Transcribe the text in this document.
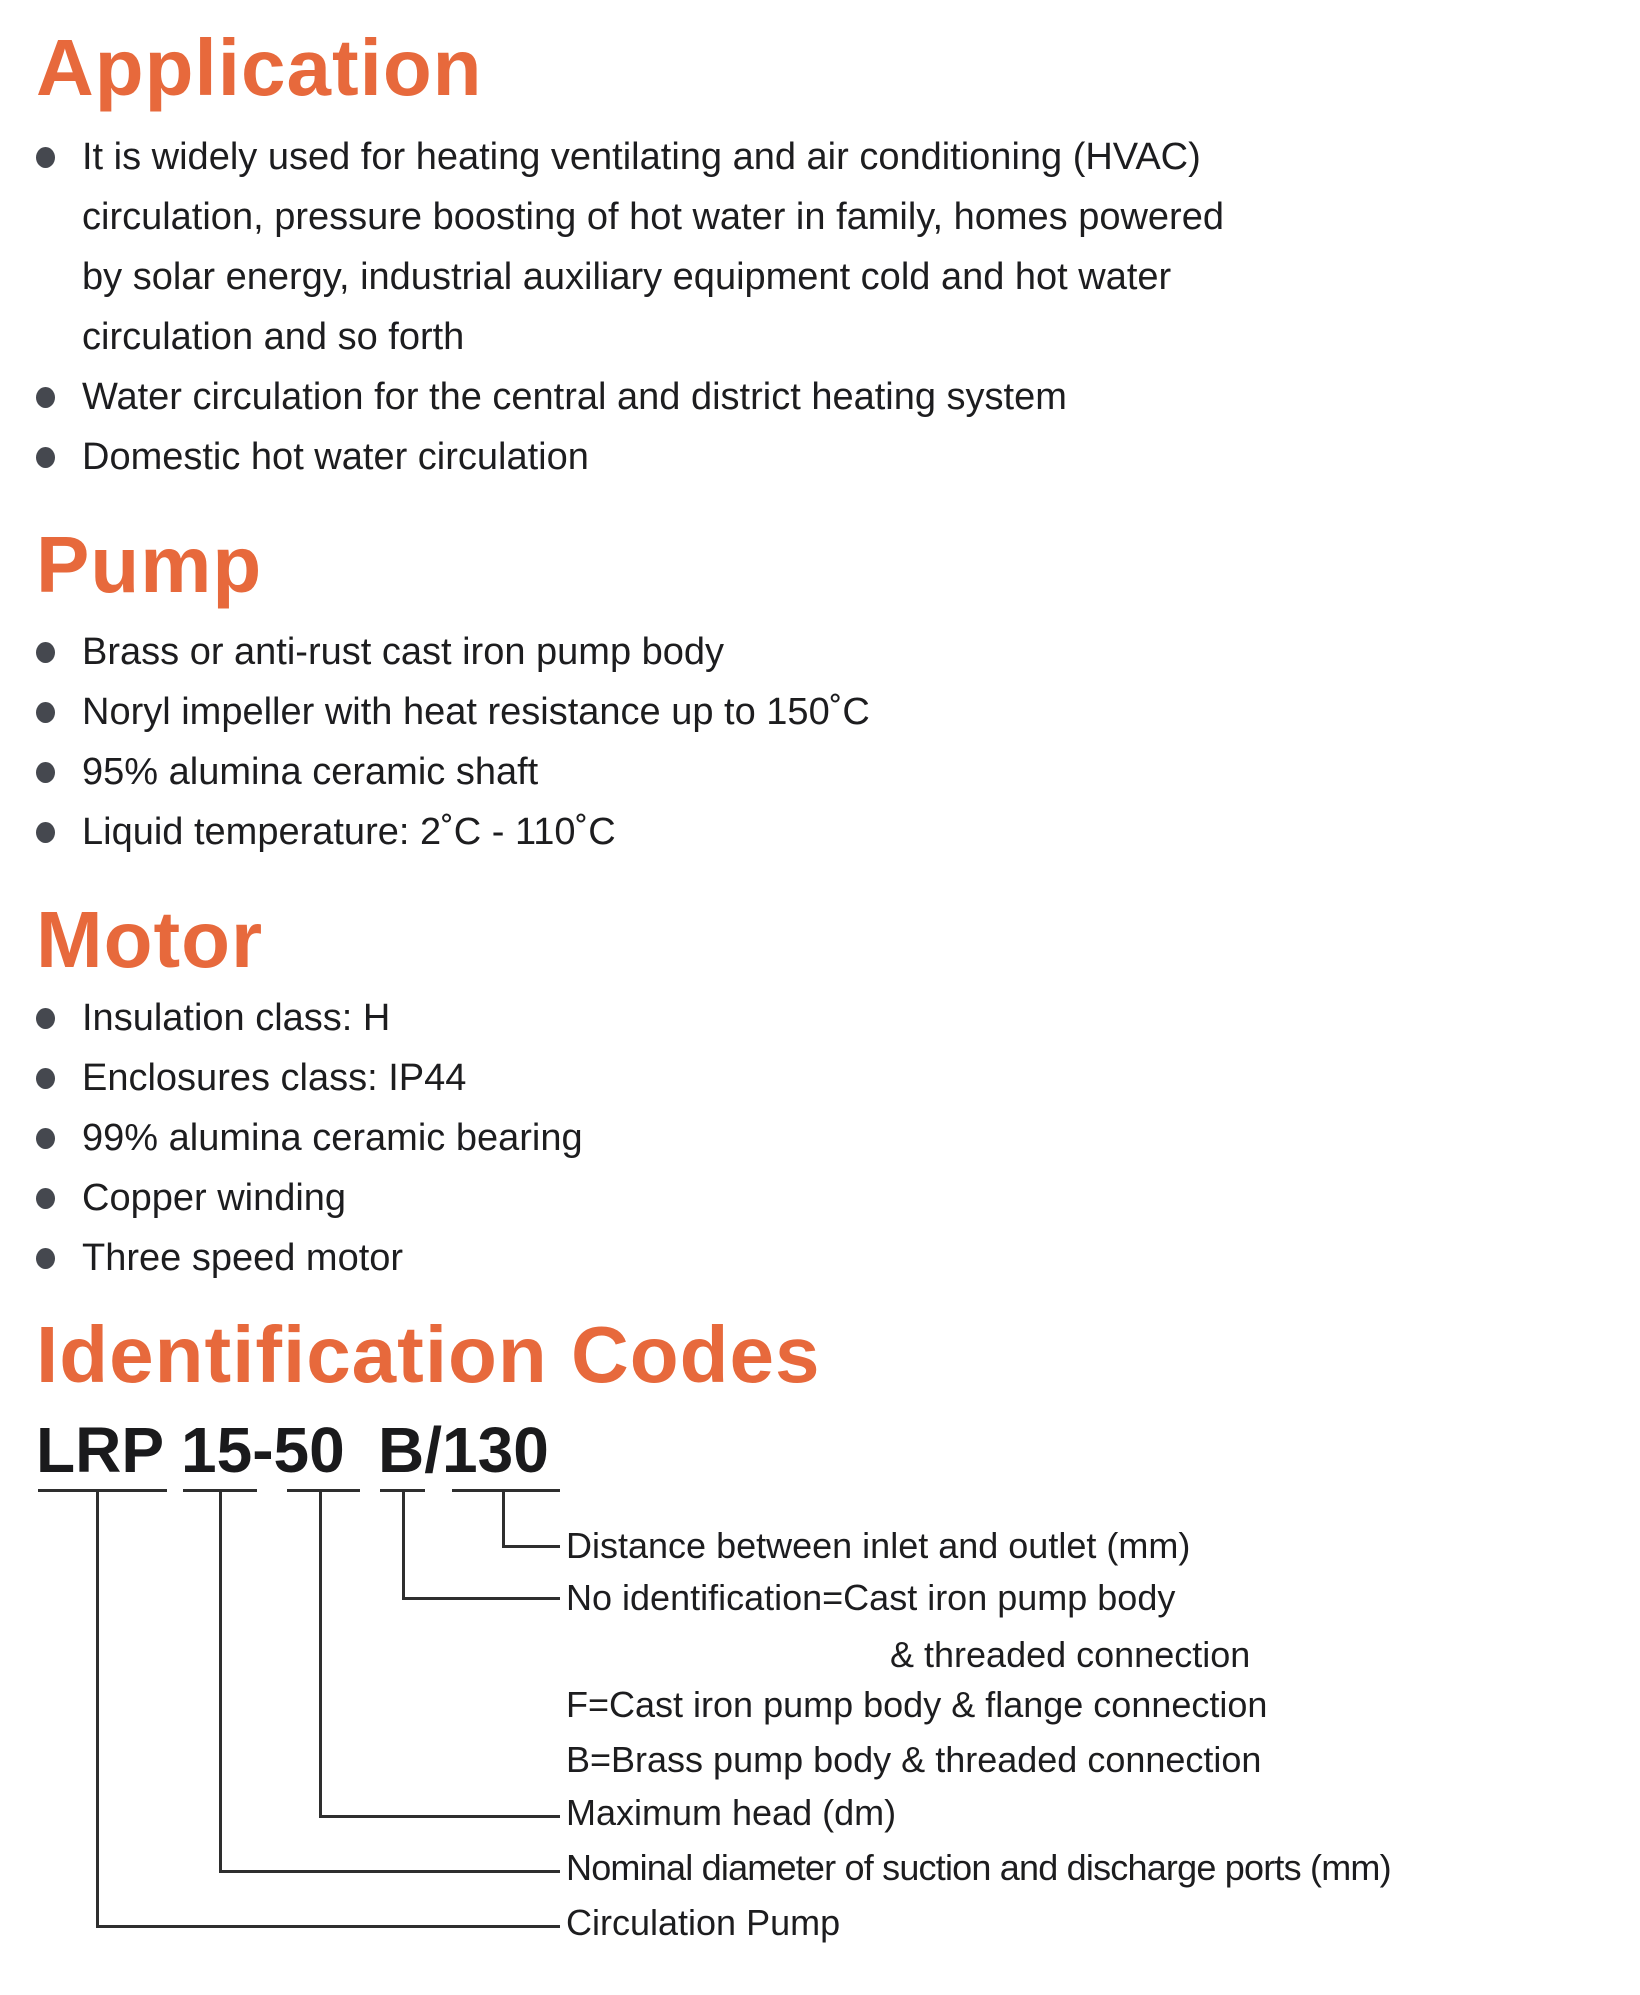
Application
It is widely used for heating ventilating and air conditioning (HVAC)
circulation, pressure boosting of hot water in family, homes powered
by solar energy, industrial auxiliary equipment cold and hot water
circulation and so forth
Water circulation for the central and district heating system
Domestic hot water circulation
Pump
Brass or anti-rust cast iron pump body
Noryl impeller with heat resistance up to 150˚C
95% alumina ceramic shaft
Liquid temperature: 2˚C - 110˚C
Motor
Insulation class: H
Enclosures class: IP44
99% alumina ceramic bearing
Copper winding
Three speed motor
Identification Codes
LRP 15-50 B/130
Distance between inlet and outlet (mm)
No identification=Cast iron pump body
& threaded connection
F=Cast iron pump body & flange connection
B=Brass pump body & threaded connection
Maximum head (dm)
Nominal diameter of suction and discharge ports (mm)
Circulation Pump
